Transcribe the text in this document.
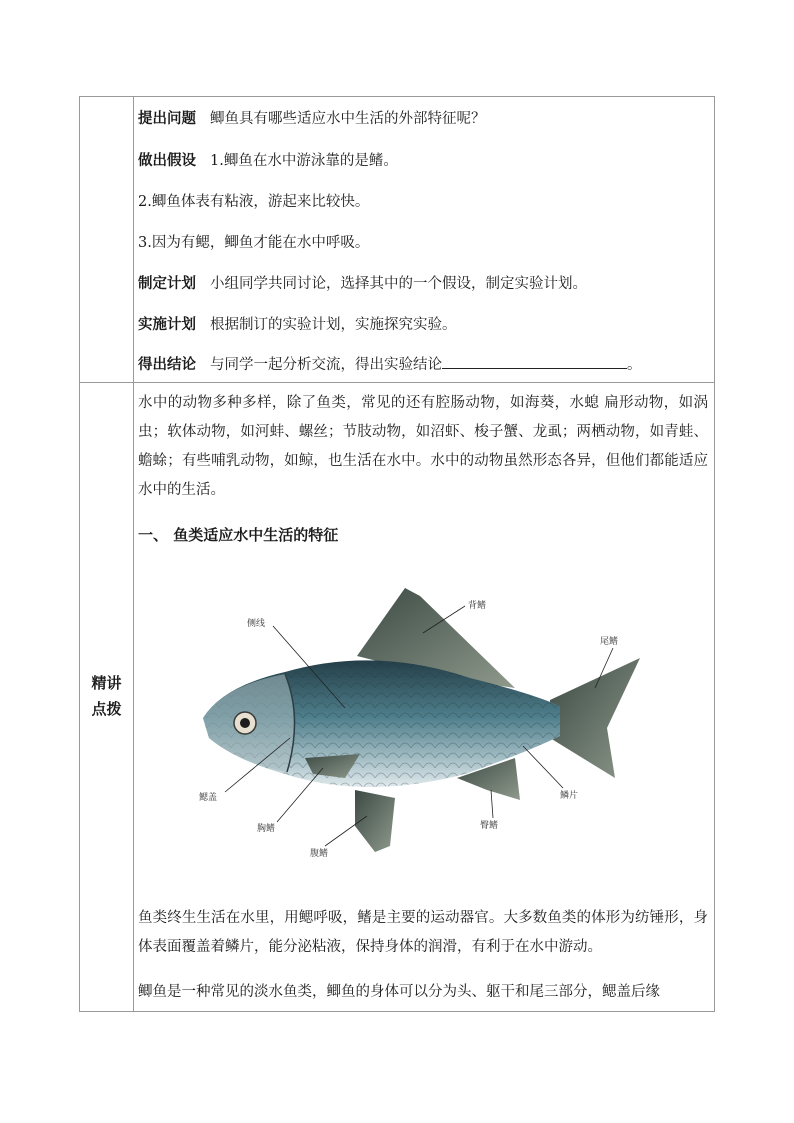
精讲
点拨
提出问题 鲫鱼具有哪些适应水中生活的外部特征呢？
做出假设 1.鲫鱼在水中游泳靠的是鳍。
2.鲫鱼体表有粘液，游起来比较快。
3.因为有鳃，鲫鱼才能在水中呼吸。
制定计划 小组同学共同讨论，选择其中的一个假设，制定实验计划。
实施计划 根据制订的实验计划，实施探究实验。
得出结论 与同学一起分析交流，得出实验结论	。
水中的动物多种多样，除了鱼类，常见的还有腔肠动物，如海葵，水螅 扁形动物，如涡虫；软体动物，如河蚌、螺丝；节肢动物，如沼虾、梭子蟹、龙虱；两栖动物，如青蛙、蟾蜍；有些哺乳动物，如鲸，也生活在水中。水中的动物虽然形态各异，但他们都能适应水中的生活。
一、 鱼类适应水中生活的特征
背鳍
侧线
尾鳍
鳃盖	鳞片
胸鳍	臀鳍
腹鳍
鱼类终生生活在水里，用鳃呼吸，鳍是主要的运动器官。大多数鱼类的体形为纺锤形，身体表面覆盖着鳞片，能分泌粘液，保持身体的润滑，有利于在水中游动。
鲫鱼是一种常见的淡水鱼类，鲫鱼的身体可以分为头、躯干和尾三部分，鳃盖后缘
